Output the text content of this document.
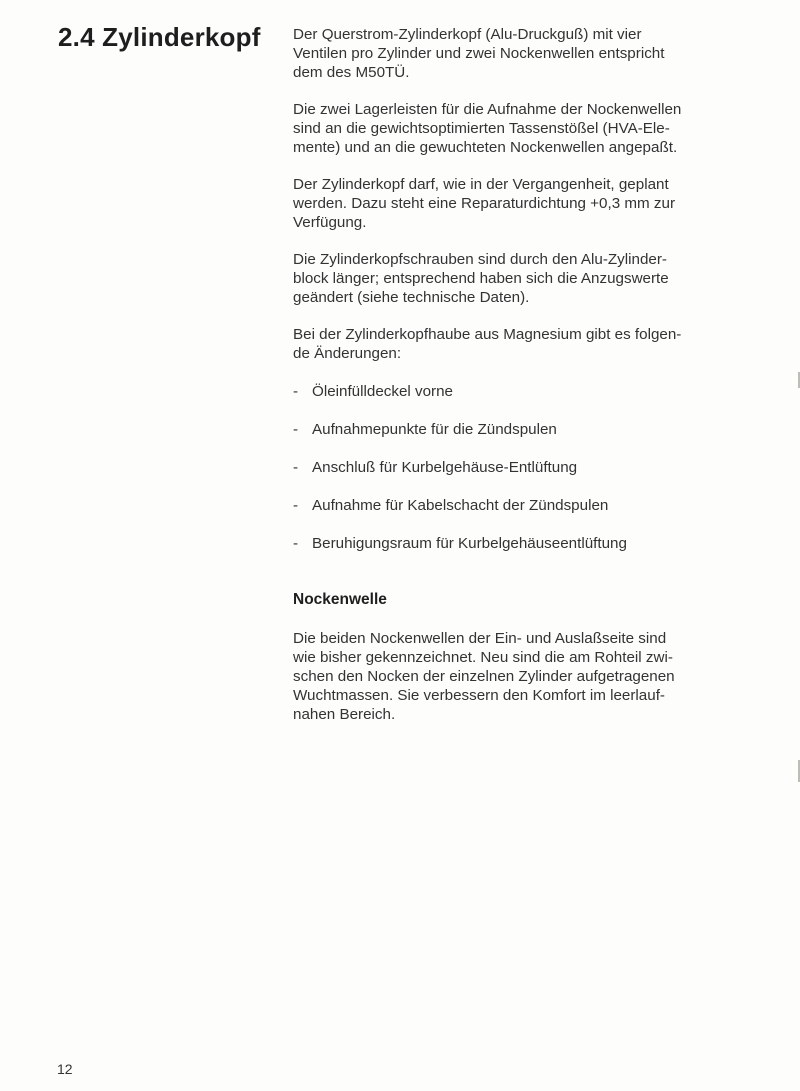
2.4 Zylinderkopf Der Querstrom-Zylinderkopf (Alu-Druckguß) mit vier
Ventilen pro Zylinder und zwei Nockenwellen entspricht
dem des M50TÜ.

Die zwei Lagerleisten für die Aufnahme der Nockenwellen
sind an die gewichtsoptimierten Tassenstößel (HVA-Ele-
mente) und an die gewuchteten Nockenwellen angepaßt.

Der Zylinderkopf darf, wie in der Vergangenheit, geplant
werden. Dazu steht eine Reparaturdichtung +0,3 mm zur
Verfügung.

Die Zylinderkopfschrauben sind durch den Alu-Zylinder-
block länger; entsprechend haben sich die Anzugswerte
geändert (siehe technische Daten).

Bei der Zylinderkopfhaube aus Magnesium gibt es folgen-
de Änderungen:

- Öleinfülldeckel vorne
- Aufnahmepunkte für die Zündspulen
- Anschluß für Kurbelgehäuse-Entlüftung
- Aufnahme für Kabelschacht der Zündspulen
- Beruhigungsraum für Kurbelgehäuseentlüftung
Nockenwelle

Die beiden Nockenwellen der Ein- und Auslaßseite sind
wie bisher gekennzeichnet. Neu sind die am Rohteil zwi-
schen den Nocken der einzelnen Zylinder aufgetragenen
Wuchtmassen. Sie verbessern den Komfort im leerlauf-
nahen Bereich.

12
